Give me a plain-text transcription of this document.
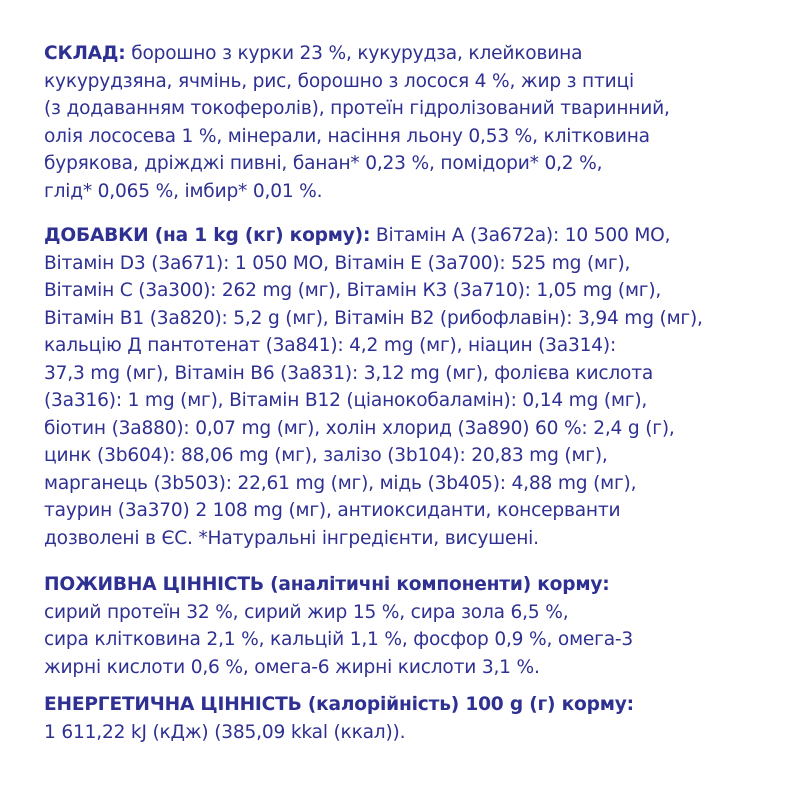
СКЛАД: борошно з курки 23 %, кукурудза, клейковина
кукурудзяна, ячмінь, рис, борошно з лосося 4 %, жир з птиці
(з додаванням токоферолів), протеїн гідролізований тваринний,
олія лососева 1 %, мінерали, насіння льону 0,53 %, клітковина
бурякова, дріжджі пивні, банан* 0,23 %, помідори* 0,2 %,
глід* 0,065 %, імбир* 0,01 %.
ДОБАВКИ (на 1 kg (кг) корму): Вітамін А (3a672a): 10 500 МО,
Вітамін D3 (3a671): 1 050 МО, Вітамін Е (3a700): 525 mg (мг),
Вітамін С (3a300): 262 mg (мг), Вітамін К3 (3a710): 1,05 mg (мг),
Вітамін В1 (3a820): 5,2 g (мг), Вітамін В2 (рибофлавін): 3,94 mg (мг),
кальцію Д пантотенат (3a841): 4,2 mg (мг), ніацин (3a314):
37,3 mg (мг), Вітамін В6 (3a831): 3,12 mg (мг), фолієва кислота
(3a316): 1 mg (мг), Вітамін В12 (ціанокобаламін): 0,14 mg (мг),
біотин (3a880): 0,07 mg (мг), холін хлорид (3a890) 60 %: 2,4 g (г),
цинк (3b604): 88,06 mg (мг), залізо (3b104): 20,83 mg (мг),
марганець (3b503): 22,61 mg (мг), мідь (3b405): 4,88 mg (мг),
таурин (3a370) 2 108 mg (мг), антиоксиданти, консерванти
дозволені в ЄС. *Натуральні інгредієнти, висушені.
ПОЖИВНА ЦІННІСТЬ (аналітичні компоненти) корму:
сирий протеїн 32 %, сирий жир 15 %, сира зола 6,5 %,
сира клітковина 2,1 %, кальцій 1,1 %, фосфор 0,9 %, омега-3
жирні кислоти 0,6 %, омега-6 жирні кислоти 3,1 %.
ЕНЕРГЕТИЧНА ЦІННІСТЬ (калорійність) 100 g (г) корму:
1 611,22 kJ (кДж) (385,09 kkal (ккал)).
